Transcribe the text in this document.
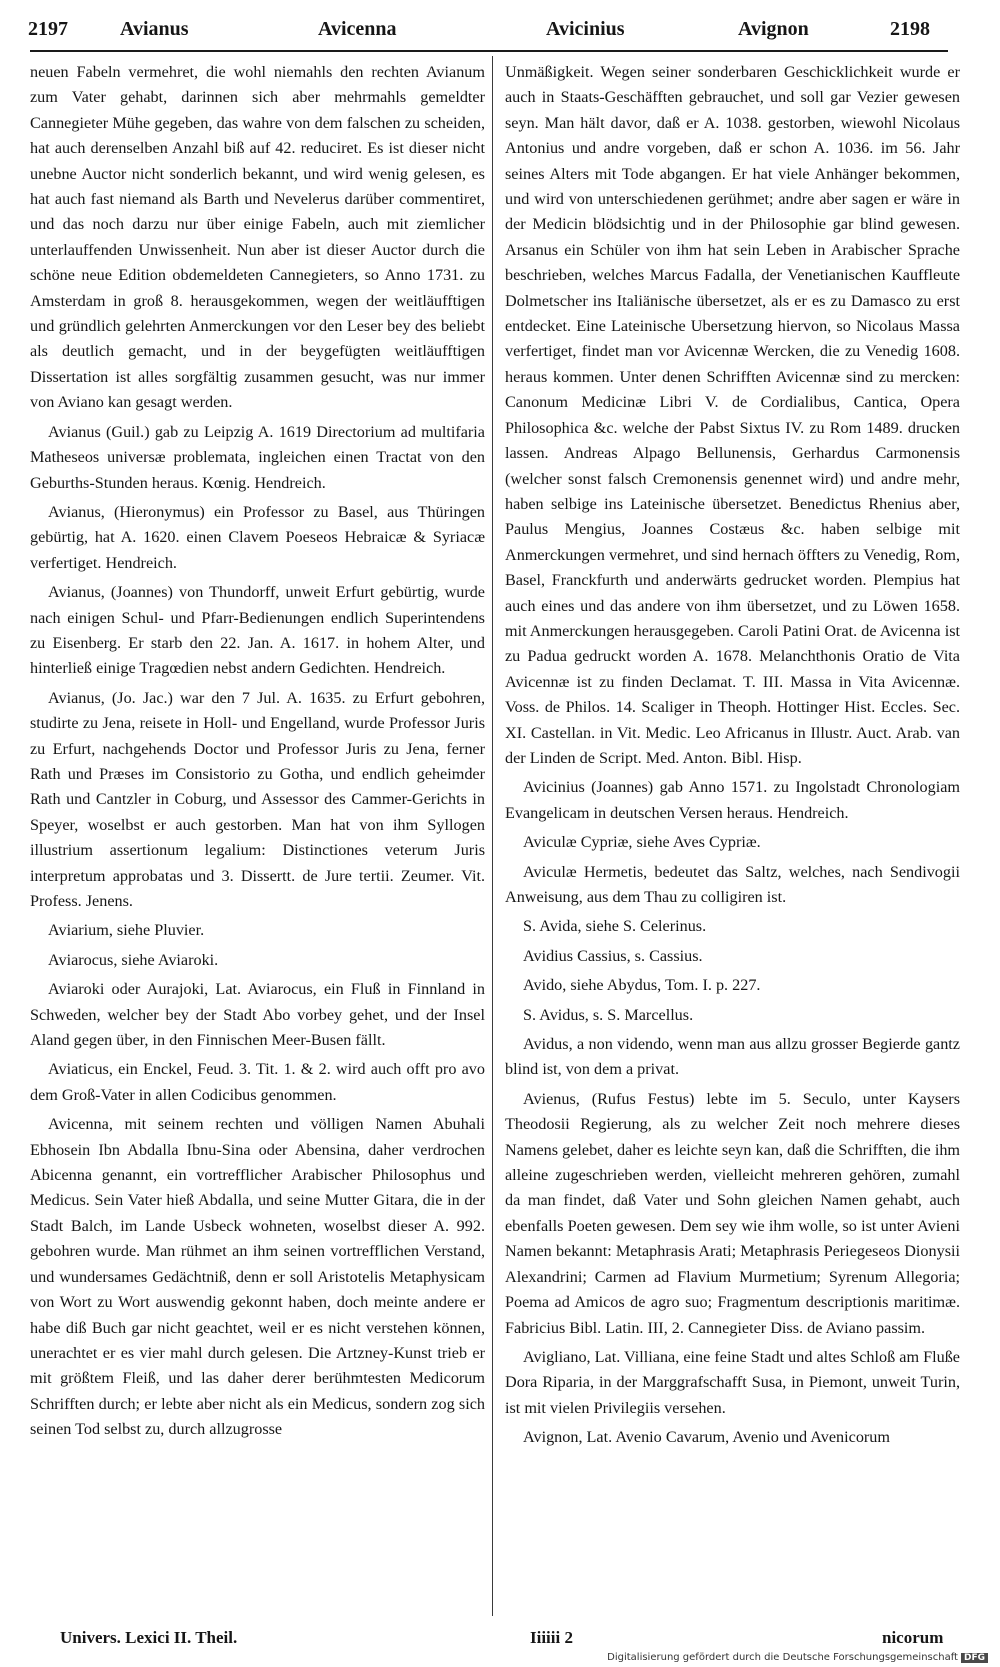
2197	Avianus	Avicenna	Avicinius	Avignon	2198

neuen Fabeln vermehret, die wohl niemahls den rechten Avianum zum Vater gehabt, darinnen sich aber mehrmahls gemeldter Cannegieter Mühe gegeben, das wahre von dem falschen zu scheiden, hat auch derenselben Anzahl biß auf 42. reduciret. Es ist dieser nicht unebne Auctor nicht sonderlich bekannt, und wird wenig gelesen, es hat auch fast niemand als Barth und Nevelerus darüber commentiret, und das noch darzu nur über einige Fabeln, auch mit ziemlicher unterlauffenden Unwissenheit. Nun aber ist dieser Auctor durch die schöne neue Edition obdemeldeten Cannegieters, so Anno 1731. zu Amsterdam in groß 8. herausgekommen, wegen der weitläufftigen und gründlich gelehrten Anmerckungen vor den Leser bey des beliebt als deutlich gemacht, und in der beygefügten weitläufftigen Dissertation ist alles sorgfältig zusammen gesucht, was nur immer von Aviano kan gesagt werden.

Avianus (Guil.) gab zu Leipzig A. 1619 Directorium ad multifaria Matheseos universæ problemata, ingleichen einen Tractat von den Geburths-Stunden heraus. Kœnig. Hendreich.

Avianus, (Hieronymus) ein Professor zu Basel, aus Thüringen gebürtig, hat A. 1620. einen Clavem Poeseos Hebraicæ & Syriacæ verfertiget. Hendreich.

Avianus, (Joannes) von Thundorff, unweit Erfurt gebürtig, wurde nach einigen Schul- und Pfarr-Bedienungen endlich Superintendens zu Eisenberg. Er starb den 22. Jan. A. 1617. in hohem Alter, und hinterließ einige Tragœdien nebst andern Gedichten. Hendreich.

Avianus, (Jo. Jac.) war den 7 Jul. A. 1635. zu Erfurt gebohren, studirte zu Jena, reisete in Holl- und Engelland, wurde Professor Juris zu Erfurt, nachgehends Doctor und Professor Juris zu Jena, ferner Rath und Præses im Consistorio zu Gotha, und endlich geheimder Rath und Cantzler in Coburg, und Assessor des Cammer-Gerichts in Speyer, woselbst er auch gestorben. Man hat von ihm Syllogen illustrium assertionum legalium: Distinctiones veterum Juris interpretum approbatas und 3. Dissertt. de Jure tertii. Zeumer. Vit. Profess. Jenens.

Aviarium, siehe Pluvier.

Aviarocus, siehe Aviaroki.

Aviaroki oder Aurajoki, Lat. Aviarocus, ein Fluß in Finnland in Schweden, welcher bey der Stadt Abo vorbey gehet, und der Insel Aland gegen über, in den Finnischen Meer-Busen fällt.

Aviaticus, ein Enckel, Feud. 3. Tit. 1. & 2. wird auch offt pro avo dem Groß-Vater in allen Codicibus genommen.

Avicenna, mit seinem rechten und völligen Namen Abuhali Ebhosein Ibn Abdalla Ibnu-Sina oder Abensina, daher verdrochen Abicenna genannt, ein vortrefflicher Arabischer Philosophus und Medicus. Sein Vater hieß Abdalla, und seine Mutter Gitara, die in der Stadt Balch, im Lande Usbeck wohneten, woselbst dieser A. 992. gebohren wurde. Man rühmet an ihm seinen vortrefflichen Verstand, und wundersames Gedächtniß, denn er soll Aristotelis Metaphysicam von Wort zu Wort auswendig gekonnt haben, doch meinte andere er habe diß Buch gar nicht geachtet, weil er es nicht verstehen können, unerachtet er es vier mahl durch gelesen. Die Artzney-Kunst trieb er mit größtem Fleiß, und las daher derer berühmtesten Medicorum Schrifften durch; er lebte aber nicht als ein Medicus, sondern zog sich seinen Tod selbst zu, durch allzugrosse

Unmäßigkeit. Wegen seiner sonderbaren Geschicklichkeit wurde er auch in Staats-Geschäfften gebrauchet, und soll gar Vezier gewesen seyn. Man hält davor, daß er A. 1038. gestorben, wiewohl Nicolaus Antonius und andre vorgeben, daß er schon A. 1036. im 56. Jahr seines Alters mit Tode abgangen. Er hat viele Anhänger bekommen, und wird von unterschiedenen gerühmet; andre aber sagen er wäre in der Medicin blödsichtig und in der Philosophie gar blind gewesen. Arsanus ein Schüler von ihm hat sein Leben in Arabischer Sprache beschrieben, welches Marcus Fadalla, der Venetianischen Kauffleute Dolmetscher ins Italiänische übersetzet, als er es zu Damasco zu erst entdecket. Eine Lateinische Ubersetzung hiervon, so Nicolaus Massa verfertiget, findet man vor Avicennæ Wercken, die zu Venedig 1608. heraus kommen. Unter denen Schrifften Avicennæ sind zu mercken: Canonum Medicinæ Libri V. de Cordialibus, Cantica, Opera Philosophica &c. welche der Pabst Sixtus IV. zu Rom 1489. drucken lassen. Andreas Alpago Bellunensis, Gerhardus Carmonensis (welcher sonst falsch Cremonensis genennet wird) und andre mehr, haben selbige ins Lateinische übersetzet. Benedictus Rhenius aber, Paulus Mengius, Joannes Costæus &c. haben selbige mit Anmerckungen vermehret, und sind hernach öffters zu Venedig, Rom, Basel, Franckfurth und anderwärts gedrucket worden. Plempius hat auch eines und das andere von ihm übersetzet, und zu Löwen 1658. mit Anmerckungen herausgegeben. Caroli Patini Orat. de Avicenna ist zu Padua gedruckt worden A. 1678. Melanchthonis Oratio de Vita Avicennæ ist zu finden Declamat. T. III. Massa in Vita Avicennæ. Voss. de Philos. 14. Scaliger in Theoph. Hottinger Hist. Eccles. Sec. XI. Castellan. in Vit. Medic. Leo Africanus in Illustr. Auct. Arab. van der Linden de Script. Med. Anton. Bibl. Hisp.

Avicinius (Joannes) gab Anno 1571. zu Ingolstadt Chronologiam Evangelicam in deutschen Versen heraus. Hendreich.

Aviculæ Cypriæ, siehe Aves Cypriæ.

Aviculæ Hermetis, bedeutet das Saltz, welches, nach Sendivogii Anweisung, aus dem Thau zu colligiren ist.

S. Avida, siehe S. Celerinus.

Avidius Cassius, s. Cassius.

Avido, siehe Abydus, Tom. I. p. 227.

S. Avidus, s. S. Marcellus.

Avidus, a non videndo, wenn man aus allzu grosser Begierde gantz blind ist, von dem a privat.

Avienus, (Rufus Festus) lebte im 5. Seculo, unter Kaysers Theodosii Regierung, als zu welcher Zeit noch mehrere dieses Namens gelebet, daher es leichte seyn kan, daß die Schrifften, die ihm alleine zugeschrieben werden, vielleicht mehreren gehören, zumahl da man findet, daß Vater und Sohn gleichen Namen gehabt, auch ebenfalls Poeten gewesen. Dem sey wie ihm wolle, so ist unter Avieni Namen bekannt: Metaphrasis Arati; Metaphrasis Periegeseos Dionysii Alexandrini; Carmen ad Flavium Murmetium; Syrenum Allegoria; Poema ad Amicos de agro suo; Fragmentum descriptionis maritimæ. Fabricius Bibl. Latin. III, 2. Cannegieter Diss. de Aviano passim.

Avigliano, Lat. Villiana, eine feine Stadt und altes Schloß am Fluße Dora Riparia, in der Marggrafschafft Susa, in Piemont, unweit Turin, ist mit vielen Privilegiis versehen.

Avignon, Lat. Avenio Cavarum, Avenio und Avenicorum

Univers. Lexici II. Theil.	Iiiiii 2	nicorum
Digitalisierung gefördert durch die Deutsche Forschungsgemeinschaft DFG
